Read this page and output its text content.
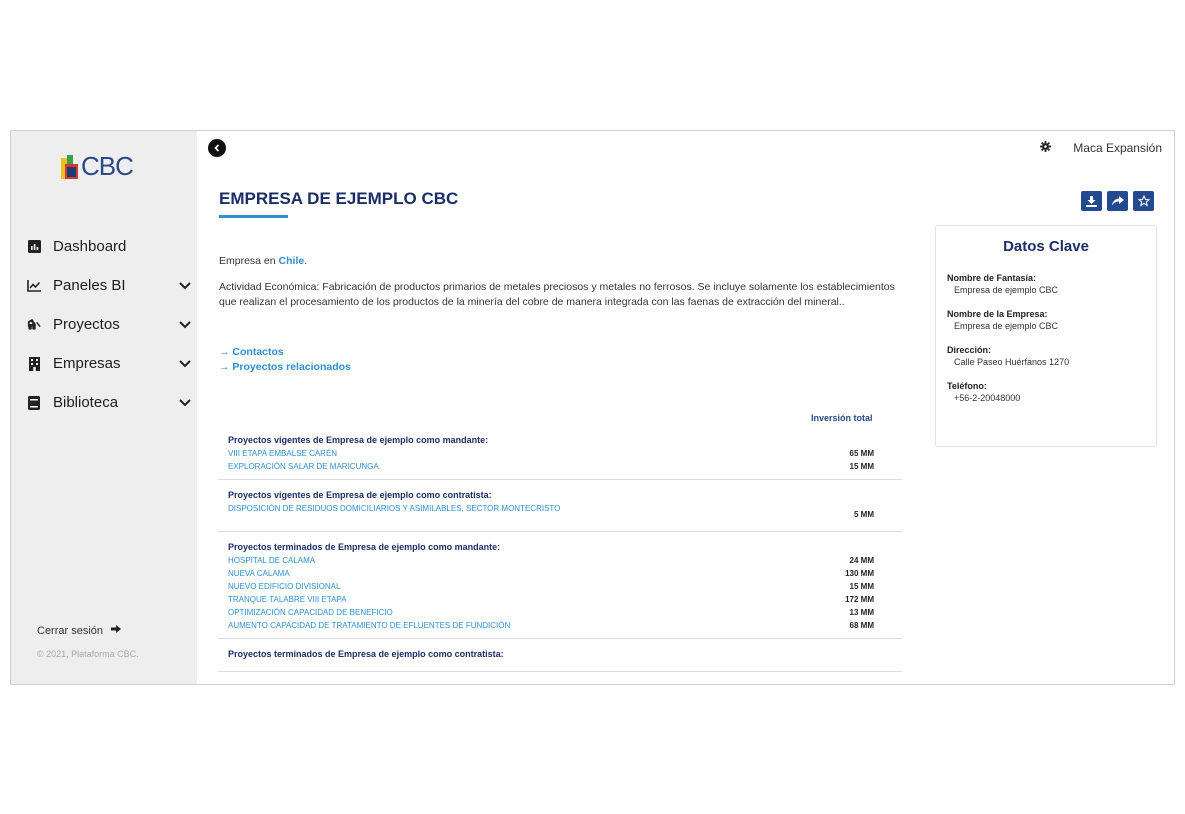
CBC
Dashboard
Paneles BI
Proyectos
Empresas
Biblioteca
Cerrar sesión
© 2021, Plataforma CBC.
Maca Expansión
EMPRESA DE EJEMPLO CBC
Empresa en Chile.
Actividad Económica: Fabricación de productos primarios de metales preciosos y metales no ferrosos. Se incluye solamente los establecimientos que realizan el procesamiento de los productos de la minería del cobre de manera integrada con las faenas de extracción del mineral..
→ Contactos
→ Proyectos relacionados
Inversión total
Proyectos vigentes de Empresa de ejemplo como mandante:
VIII ETAPA EMBALSE CARÉN	65 MM
EXPLORACIÓN SALAR DE MARICUNGA	15 MM
Proyectos vigentes de Empresa de ejemplo como contratista:
DISPOSICIÓN DE RESIDUOS DOMICILIARIOS Y ASIMILABLES, SECTOR MONTECRISTO
5 MM
Proyectos terminados de Empresa de ejemplo como mandante:
HOSPITAL DE CALAMA	24 MM
NUEVA CALAMA	130 MM
NUEVO EDIFICIO DIVISIONAL	15 MM
TRANQUE TALABRE VIII ETAPA	172 MM
OPTIMIZACIÓN CAPACIDAD DE BENEFICIO	13 MM
AUMENTO CAPACIDAD DE TRATAMIENTO DE EFLUENTES DE FUNDICIÓN	68 MM
Proyectos terminados de Empresa de ejemplo como contratista:
Datos Clave
Nombre de Fantasía:
Empresa de ejemplo CBC
Nombre de la Empresa:
Empresa de ejemplo CBC
Dirección:
Calle Paseo Huérfanos 1270
Teléfono:
+56-2-20048000
